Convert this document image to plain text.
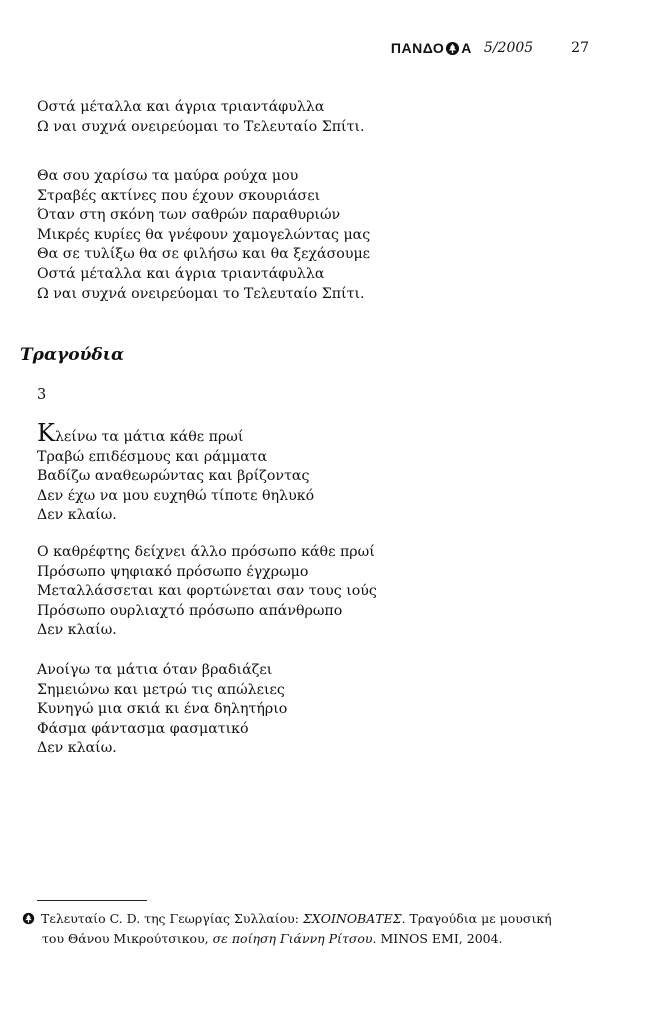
ΠΑΝΔΟ Α 5/2005	27
Οστά μέταλλα και άγρια τριαντάφυλλα
Ω ναι συχνά ονειρεύομαι το Τελευταίο Σπίτι.
Θα σου χαρίσω τα μαύρα ρούχα μου
Στραβές ακτίνες που έχουν σκουριάσει
Όταν στη σκόνη των σαθρών παραθυριών
Μικρές κυρίες θα γνέφουν χαμογελώντας μας
Θα σε τυλίξω θα σε φιλήσω και θα ξεχάσουμε
Οστά μέταλλα και άγρια τριαντάφυλλα
Ω ναι συχνά ονειρεύομαι το Τελευταίο Σπίτι.
Τραγούδια
3
Κλείνω τα μάτια κάθε πρωί
Τραβώ επιδέσμους και ράμματα
Βαδίζω αναθεωρώντας και βρίζοντας
Δεν έχω να μου ευχηθώ τίποτε θηλυκό
Δεν κλαίω.
Ο καθρέφτης δείχνει άλλο πρόσωπο κάθε πρωί
Πρόσωπο ψηφιακό πρόσωπο έγχρωμο
Μεταλλάσσεται και φορτώνεται σαν τους ιούς
Πρόσωπο ουρλιαχτό πρόσωπο απάνθρωπο
Δεν κλαίω.
Ανοίγω τα μάτια όταν βραδιάζει
Σημειώνω και μετρώ τις απώλειες
Κυνηγώ μια σκιά κι ένα δηλητήριο
Φάσμα φάντασμα φασματικό
Δεν κλαίω.
Τελευταίο C. D. της Γεωργίας Συλλαίου: ΣΧΟΙΝΟΒΑΤΕΣ. Τραγούδια με μουσική
του Θάνου Μικρούτσικου, σε ποίηση Γιάννη Ρίτσου. MINOS EMI, 2004.
